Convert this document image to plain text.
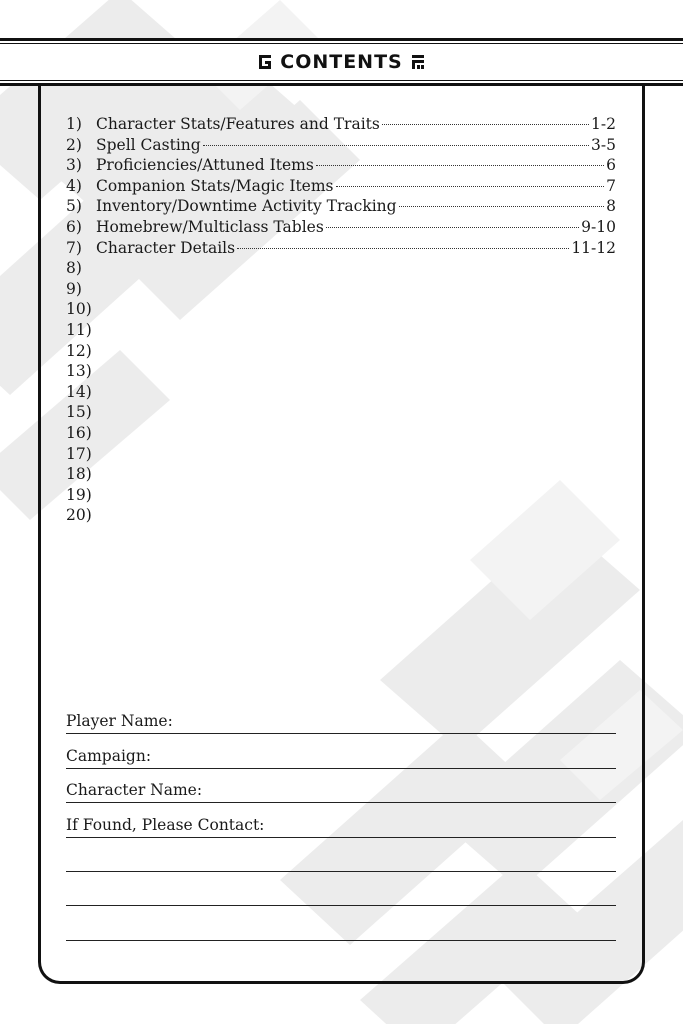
CONTENTS
1) Character Stats/Features and Traits	1-2
2) Spell Casting	3-5
3) Proficiencies/Attuned Items	6
4) Companion Stats/Magic Items	7
5) Inventory/Downtime Activity Tracking	8
6) Homebrew/Multiclass Tables	9-10
7) Character Details	11-12
8)
9)
10)
11)
12)
13)
14)
15)
16)
17)
18)
19)
20)
Player Name:
Campaign:
Character Name:
If Found, Please Contact:
